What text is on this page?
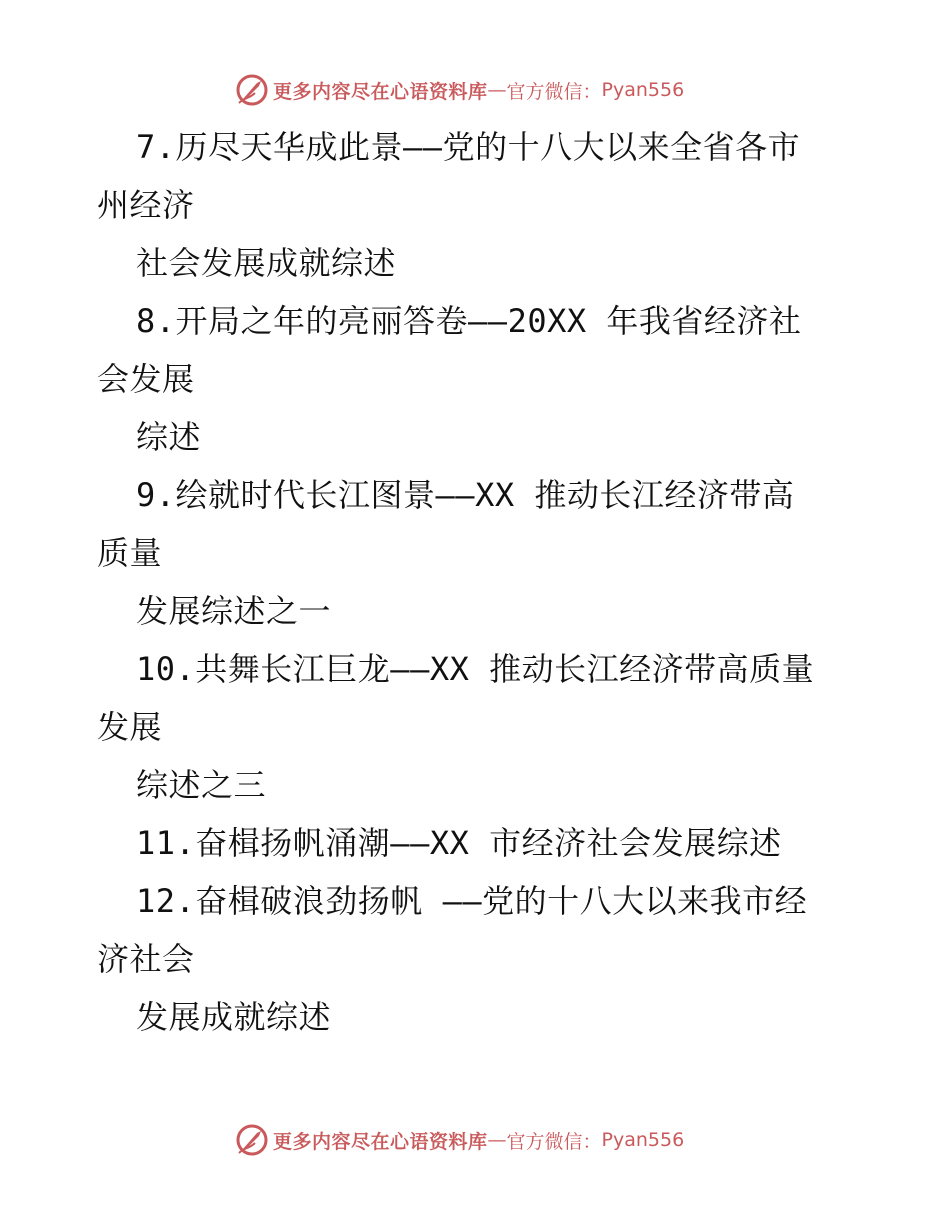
更多内容尽在心语资料库 — 官方微信： Pyan556
7.历尽天华成此景——党的十八大以来全省各市
州经济
社会发展成就综述
8.开局之年的亮丽答卷——20XX 年我省经济社
会发展
综述
9.绘就时代长江图景——XX 推动长江经济带高
质量
发展综述之一
10.共舞长江巨龙——XX 推动长江经济带高质量
发展
综述之三
11.奋楫扬帆涌潮——XX 市经济社会发展综述
12.奋楫破浪劲扬帆 ——党的十八大以来我市经
济社会
发展成就综述
更多内容尽在心语资料库 — 官方微信： Pyan556
